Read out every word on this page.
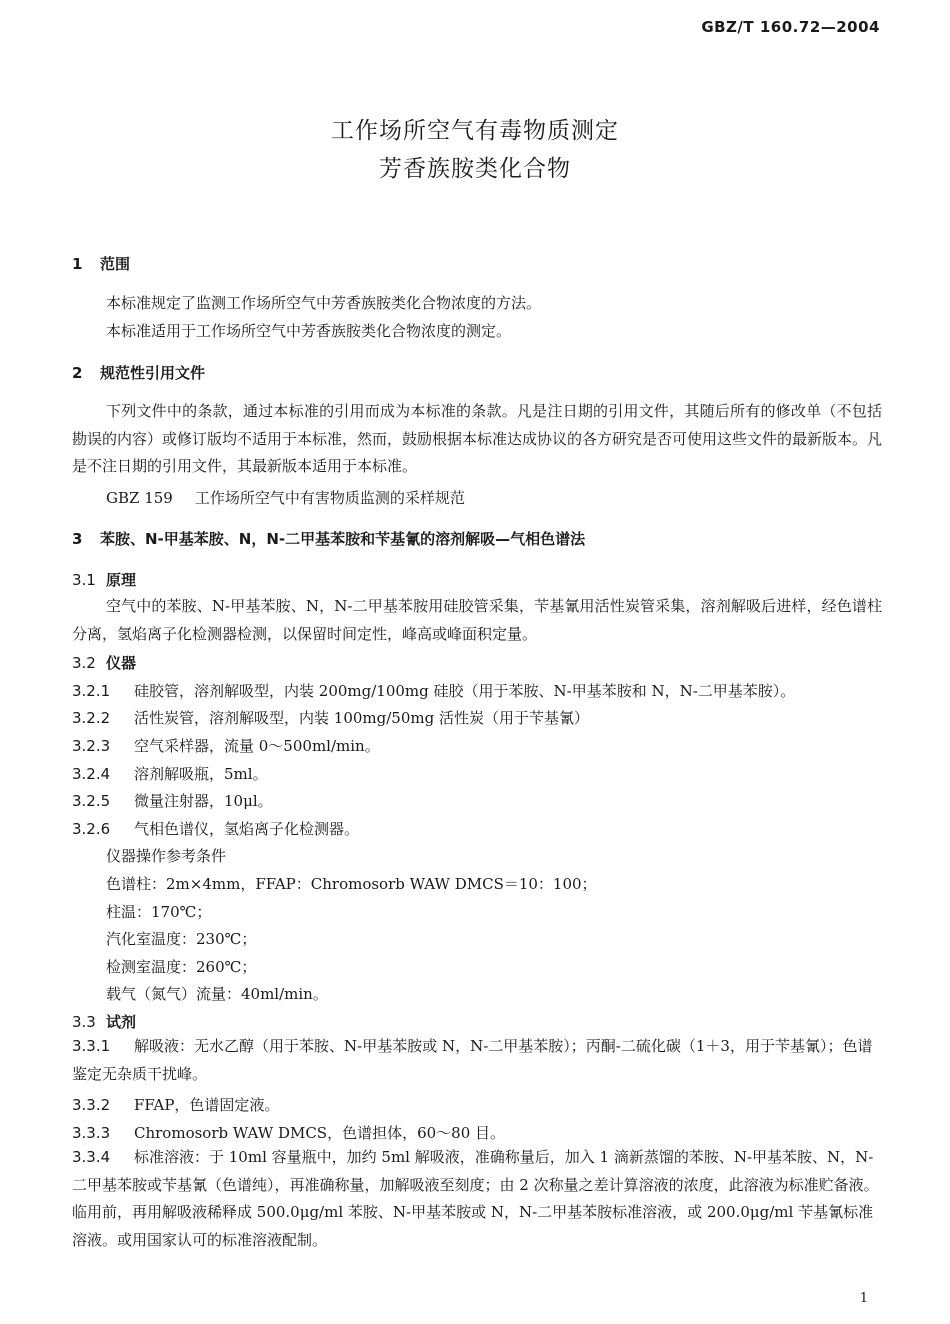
GBZ/T 160.72—2004
工作场所空气有毒物质测定
芳香族胺类化合物
1 范围
本标准规定了监测工作场所空气中芳香族胺类化合物浓度的方法。
本标准适用于工作场所空气中芳香族胺类化合物浓度的测定。
2 规范性引用文件
下列文件中的条款，通过本标准的引用而成为本标准的条款。凡是注日期的引用文件，其随后所有的修改单（不包括勘误的内容）或修订版均不适用于本标准，然而，鼓励根据本标准达成协议的各方研究是否可使用这些文件的最新版本。凡是不注日期的引用文件，其最新版本适用于本标准。
GBZ 159 工作场所空气中有害物质监测的采样规范
3 苯胺、N-甲基苯胺、N，N-二甲基苯胺和苄基氰的溶剂解吸—气相色谱法
3.1 原理
空气中的苯胺、N-甲基苯胺、N，N-二甲基苯胺用硅胶管采集，苄基氰用活性炭管采集，溶剂解吸后进样，经色谱柱分离，氢焰离子化检测器检测，以保留时间定性，峰高或峰面积定量。
3.2 仪器
3.2.1 硅胶管，溶剂解吸型，内装 200mg/100mg 硅胶（用于苯胺、N-甲基苯胺和 N，N-二甲基苯胺）。
3.2.2 活性炭管，溶剂解吸型，内装 100mg/50mg 活性炭（用于苄基氰）
3.2.3 空气采样器，流量 0～500ml/min。
3.2.4 溶剂解吸瓶，5ml。
3.2.5 微量注射器，10μl。
3.2.6 气相色谱仪，氢焰离子化检测器。
仪器操作参考条件
色谱柱：2m×4mm，FFAP：Chromosorb WAW DMCS＝10：100；
柱温：170℃；
汽化室温度：230℃；
检测室温度：260℃；
载气（氮气）流量：40ml/min。
3.3 试剂
3.3.1 解吸液：无水乙醇（用于苯胺、N-甲基苯胺或 N，N-二甲基苯胺）；丙酮-二硫化碳（1＋3，用于苄基氰）；色谱鉴定无杂质干扰峰。
3.3.2 FFAP，色谱固定液。
3.3.3 Chromosorb WAW DMCS，色谱担体，60～80 目。
3.3.4 标准溶液：于 10ml 容量瓶中，加约 5ml 解吸液，准确称量后，加入 1 滴新蒸馏的苯胺、N-甲基苯胺、N，N-二甲基苯胺或苄基氰（色谱纯），再准确称量，加解吸液至刻度；由 2 次称量之差计算溶液的浓度，此溶液为标准贮备液。临用前，再用解吸液稀释成 500.0μg/ml 苯胺、N-甲基苯胺或 N，N-二甲基苯胺标准溶液，或 200.0μg/ml 苄基氰标准溶液。或用国家认可的标准溶液配制。
1
